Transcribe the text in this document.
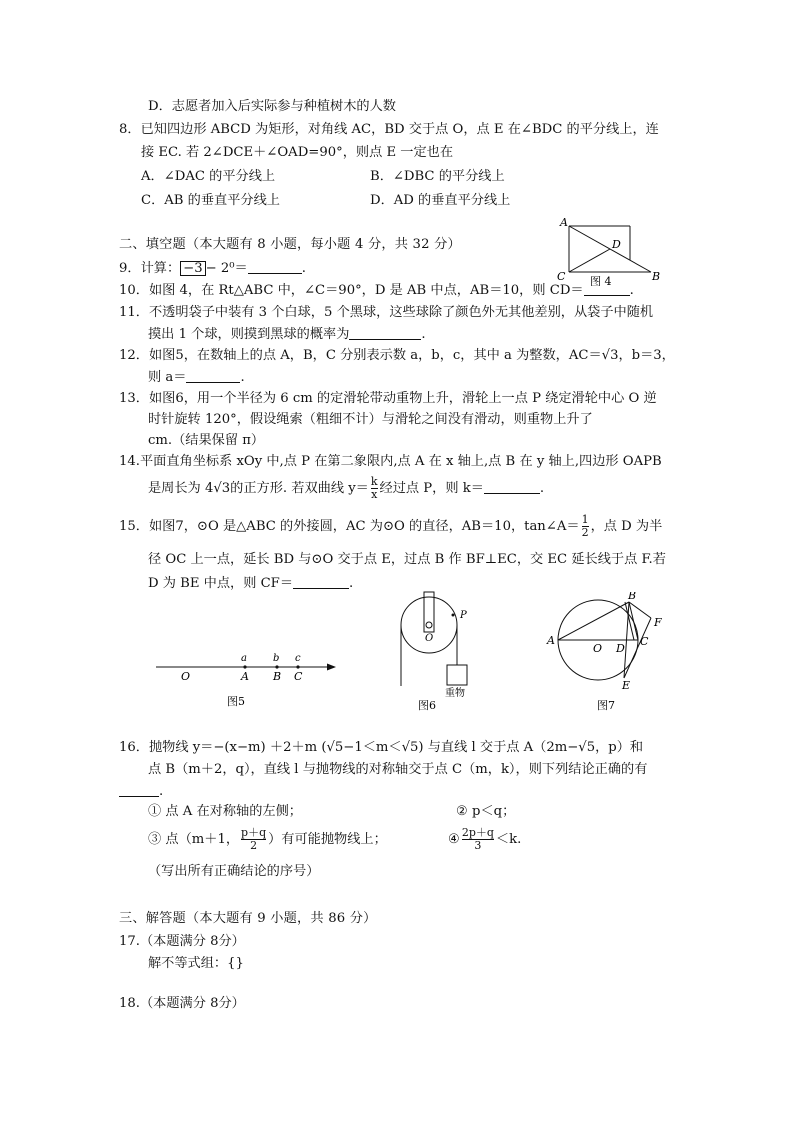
D．志愿者加入后实际参与种植树木的人数
8．已知四边形 ABCD 为矩形，对角线 AC，BD 交于点 O，点 E 在∠BDC 的平分线上，连
接 EC. 若 2∠DCE＋∠OAD=90°，则点 E 一定也在
A．∠DAC 的平分线上	B．∠DBC 的平分线上
C．AB 的垂直平分线上	D．AD 的垂直平分线上
二、填空题（本大题有 8 小题，每小题 4 分，共 32 分）
9．计算： −3 − 2⁰＝	.
10．如图 4，在 Rt△ABC 中，∠C＝90°，D 是 AB 中点，AB＝10，则 CD＝	.
A
D
C	B
图 4
11．不透明袋子中装有 3 个白球，5 个黑球，这些球除了颜色外无其他差别，从袋子中随机
摸出 1 个球，则摸到黑球的概率为	.
12．如图5，在数轴上的点 A，B，C 分别表示数 a，b，c，其中 a 为整数，AC＝√3，b＝3，
则 a＝	.
13．如图6，用一个半径为 6 cm 的定滑轮带动重物上升，滑轮上一点 P 绕定滑轮中心 O 逆
时针旋转 120°，假设绳索（粗细不计）与滑轮之间没有滑动，则重物上升了
cm.（结果保留 π）
14.平面直角坐标系 xOy 中,点 P 在第二象限内,点 A 在 x 轴上,点 B 在 y 轴上,四边形 OAPB
是周长为 4√3的正方形. 若双曲线 $y= \frac{k}{x}$ 经过点 P，则 k＝	.
15．如图7，⊙O 是△ABC 的外接圆，AC 为⊙O 的直径，AB＝10，tan∠A＝ $\frac{1}{2}$ ，点 D 为半
径 OC 上一点，延长 BD 与⊙O 交于点 E，过点 B 作 BF⊥EC，交 EC 延长线于点 F.若
D 为 BE 中点，则 CF＝	.
a	b c
O	A B C
图5
P
O
重物
图6
A
B
C
D
E
F
O
图7
16．抛物线 y＝−(x−m) ＋2＋m (√5−1＜m＜√5) 与直线 l 交于点 A（2m−√5，p）和
点 B（m＋2，q），直线 l 与抛物线的对称轴交于点 C（m，k），则下列结论正确的有
.
① 点 A 在对称轴的左侧；	② p＜q；
③ 点（m＋1， $\frac{p+q}{2}$ ）有可能抛物线上；	④ $\frac{2p+q}{3} <k$.
（写出所有正确结论的序号）
三、解答题（本大题有 9 小题，共 86 分）
17.（本题满分 8分）
解不等式组：{}
18.（本题满分 8分）
